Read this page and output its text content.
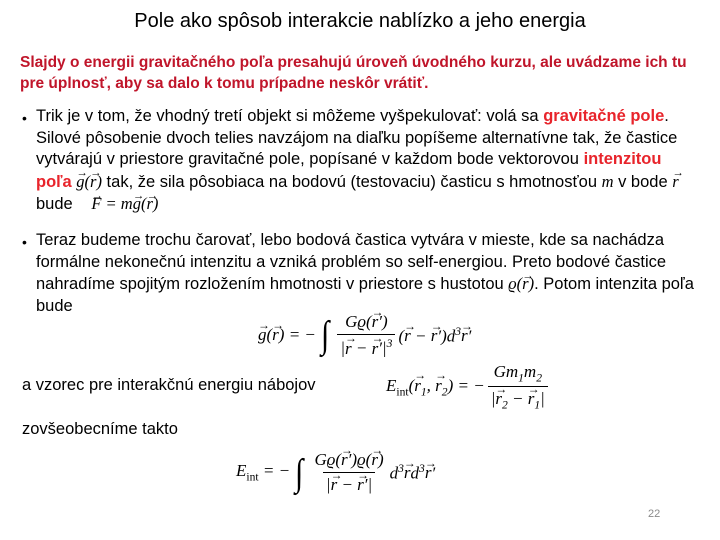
Pole ako spôsob interakcie nablízko a jeho energia
Slajdy o energii gravitačného poľa presahujú úroveň úvodného kurzu, ale uvádzame ich tu pre úplnosť, aby sa dalo k tomu prípadne neskôr vrátiť.
• Trik je v tom, že vhodný tretí objekt si môžeme vyšpekulovať: volá sa gravitačné pole. Silové pôsobenie dvoch telies navzájom na diaľku popíšeme alternatívne tak, že častice vytvárajú v priestore gravitačné pole, popísané v každom bode vektorovou intenzitou poľa g →(r →) tak, že sila pôsobiaca na bodovú (testovaciu) časticu s hmotnosťou m v bode r → bude F → = mg →(r →)
• Teraz budeme trochu čarovať, lebo bodová častica vytvára v mieste, kde sa nachádza formálne nekonečnú intenzitu a vzniká problém so self-energiou. Preto bodové častice nahradíme spojitým rozložením hmotnosti v priestore s hustotou ϱ(r →). Potom intenzita poľa bude
g →(r →) = − ∫ $\frac{Gϱ(r \to')}{|r \to - r \to'|^3} (r$ → − $r \to')d^3r$ →′
a vzorec pre interakčnú energiu nábojov	$E_{int}(r \to_1$, $r \to_2$) = − $\frac{Gm_1m_2}{|r \to_2 - r \to_1|}$
zovšeobecníme takto
$E_{int}$ = − ∫ $\frac{Gϱ(r \to')ϱ(r \to)}{|r \to - r \to'|} d^3r \to d^3r$ →′
22
